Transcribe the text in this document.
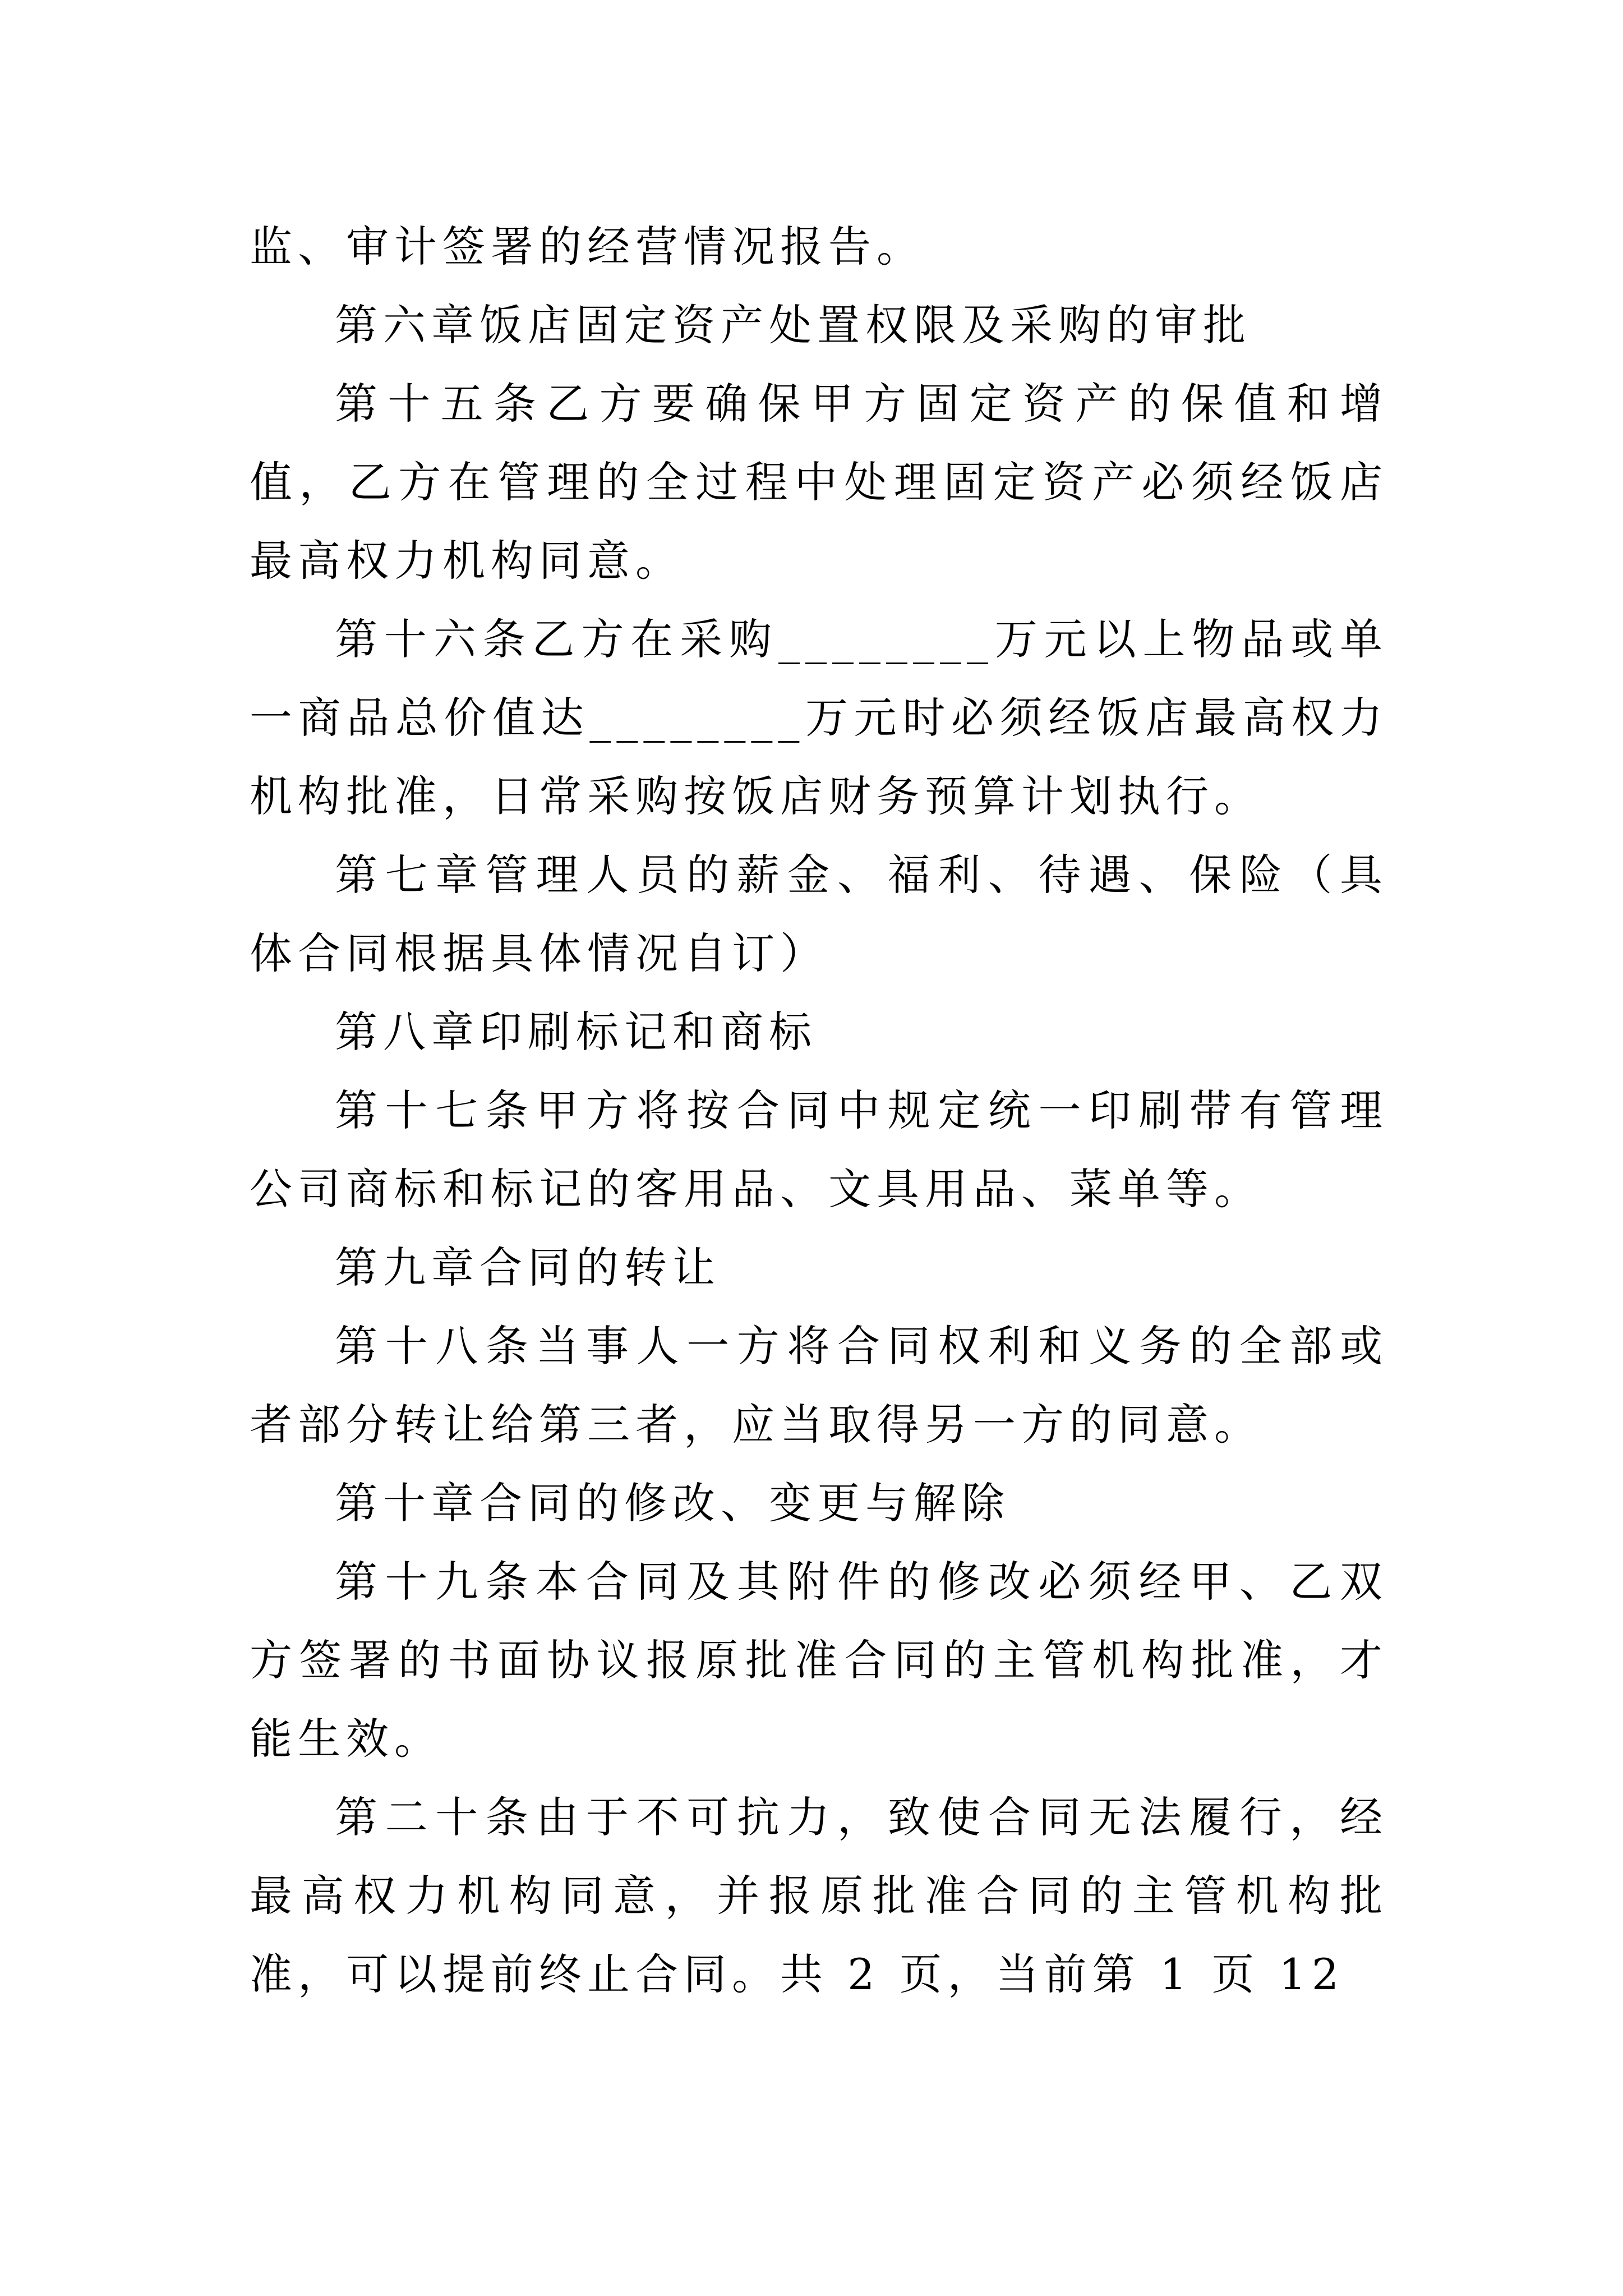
监、审计签署的经营情况报告。

第六章饭店固定资产处置权限及采购的审批

第十五条乙方要确保甲方固定资产的保值和增值，乙方在管理的全过程中处理固定资产必须经饭店最高权力机构同意。

第十六条乙方在采购________万元以上物品或单一商品总价值达________万元时必须经饭店最高权力机构批准，日常采购按饭店财务预算计划执行。

第七章管理人员的薪金、福利、待遇、保险（具体合同根据具体情况自订）

第八章印刷标记和商标

第十七条甲方将按合同中规定统一印刷带有管理公司商标和标记的客用品、文具用品、菜单等。

第九章合同的转让

第十八条当事人一方将合同权利和义务的全部或者部分转让给第三者，应当取得另一方的同意。

第十章合同的修改、变更与解除

第十九条本合同及其附件的修改必须经甲、乙双方签署的书面协议报原批准合同的主管机构批准，才能生效。

第二十条由于不可抗力，致使合同无法履行，经最高权力机构同意，并报原批准合同的主管机构批准，可以提前终止合同。共 2 页，当前第 1 页 12
